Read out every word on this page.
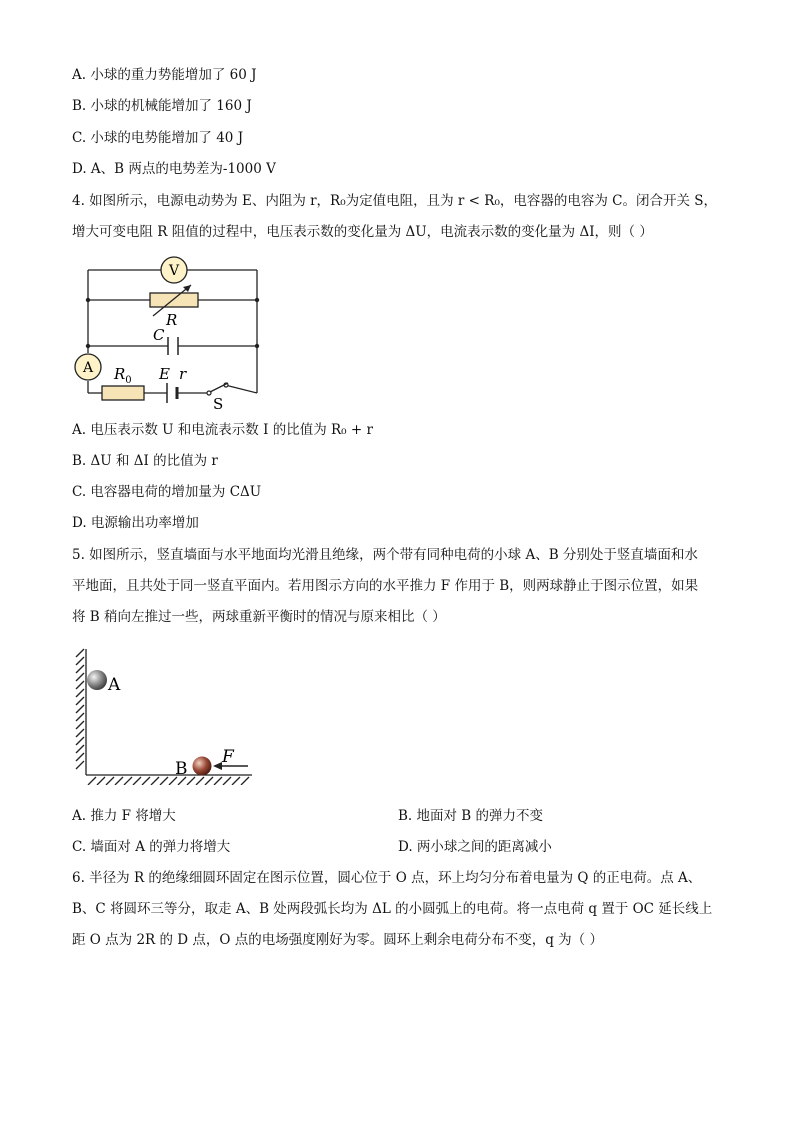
A. 小球的重力势能增加了 60 J
B. 小球的机械能增加了 160 J
C. 小球的电势能增加了 40 J
D. A、B 两点的电势差为-1000 V
4. 如图所示，电源电动势为 E、内阻为 r，R₀为定值电阻，且为 r < R₀，电容器的电容为 C。闭合开关 S，
增大可变电阻 R 阻值的过程中，电压表示数的变化量为 ΔU，电流表示数的变化量为 ΔI，则（ ）
V
R
C
A $R_0$ E r
S
A. 电压表示数 U 和电流表示数 I 的比值为 R₀ + r
B. ΔU 和 ΔI 的比值为 r
C. 电容器电荷的增加量为 CΔU
D. 电源输出功率增加
5. 如图所示，竖直墙面与水平地面均光滑且绝缘，两个带有同种电荷的小球 A、B 分别处于竖直墙面和水
平地面，且共处于同一竖直平面内。若用图示方向的水平推力 F 作用于 B，则两球静止于图示位置，如果
将 B 稍向左推过一些，两球重新平衡时的情况与原来相比（ ）
A
B
F
A. 推力 F 将增大	B. 地面对 B 的弹力不变
C. 墙面对 A 的弹力将增大	D. 两小球之间的距离减小
6. 半径为 R 的绝缘细圆环固定在图示位置，圆心位于 O 点，环上均匀分布着电量为 Q 的正电荷。点 A、
B、C 将圆环三等分，取走 A、B 处两段弧长均为 ΔL 的小圆弧上的电荷。将一点电荷 q 置于 OC 延长线上
距 O 点为 2R 的 D 点，O 点的电场强度刚好为零。圆环上剩余电荷分布不变，q 为（ ）
